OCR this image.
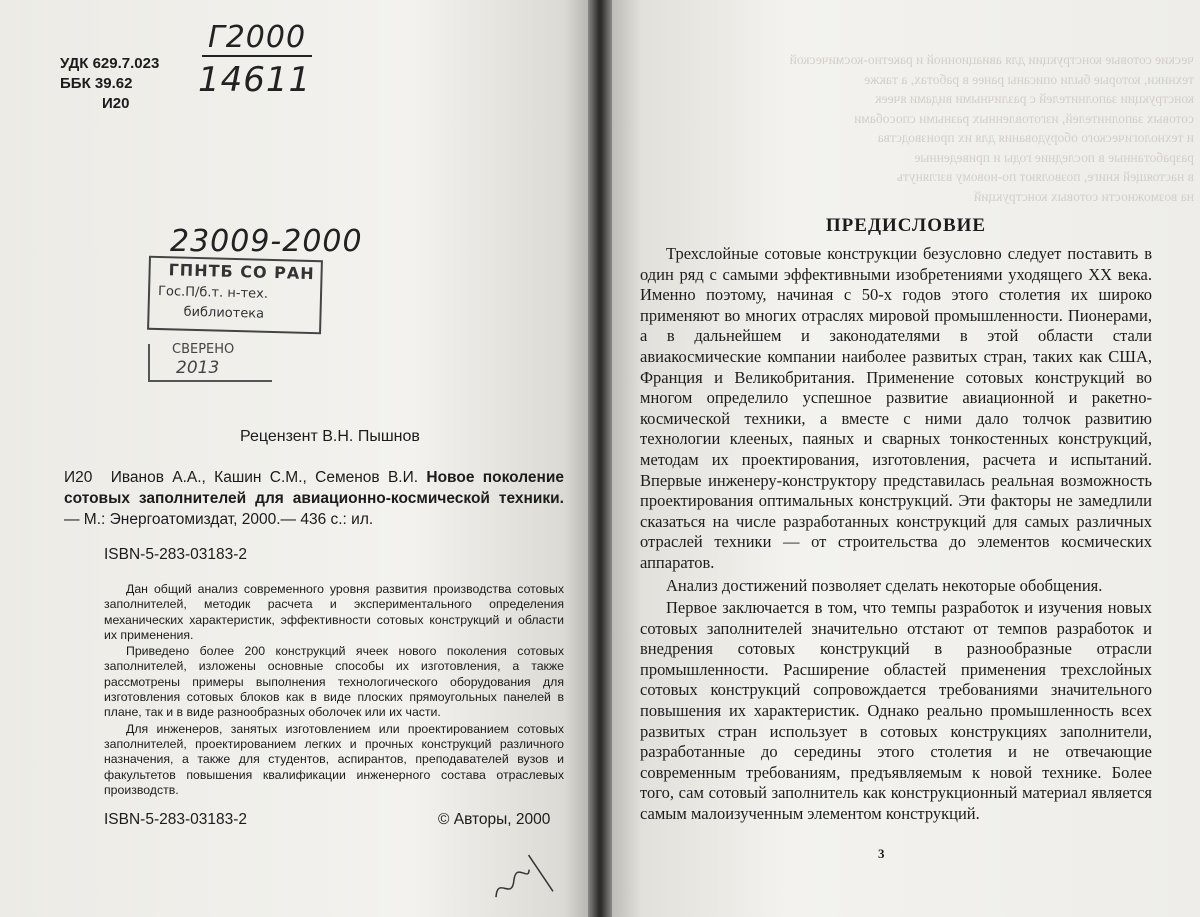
УДК 629.7.023
ББК 39.62
И20
Г2000
14611
23009-2000
ГПНТБ СО РАН
Гос.П/б.т. н-тех.
библиотека
СВЕРЕНО
2013
Рецензент В.Н. Пышнов
И20 Иванов А.А., Кашин С.М., Семенов В.И. Новое поколение сотовых заполнителей для авиационно-космической техники. — М.: Энергоатомиздат, 2000.— 436 с.: ил.
ISBN-5-283-03183-2

Дан общий анализ современного уровня развития производства сотовых заполнителей, методик расчета и экспериментального определения механических характеристик, эффективности сотовых конструкций и области их применения.

Приведено более 200 конструкций ячеек нового поколения сотовых заполнителей, изложены основные способы их изготовления, а также рассмотрены примеры выполнения технологического оборудования для изготовления сотовых блоков как в виде плоских прямоугольных панелей в плане, так и в виде разнообразных оболочек или их части.

Для инженеров, занятых изготовлением или проектированием сотовых заполнителей, проектированием легких и прочных конструкций различного назначения, а также для студентов, аспирантов, преподавателей вузов и факультетов повышения квалификации инженерного состава отраслевых производств.

ISBN-5-283-03183-2	© Авторы, 2000
ческие сотовые конструкции для авиационной и ракетно-космической
техники, которые были описаны ранее в работах, а также
конструкции заполнителей с различными видами ячеек
сотовых заполнителей, изготовленных разными способами
и технологического оборудования для их производства
разработанные в последние годы и приведенные
в настоящей книге, позволяют по-новому взглянуть
на возможности сотовых конструкций
ПРЕДИСЛОВИЕ

Трехслойные сотовые конструкции безусловно следует поставить в один ряд с самыми эффективными изобретениями уходящего XX века. Именно поэтому, начиная с 50-х годов этого столетия их широко применяют во многих отраслях мировой промышленности. Пионерами, а в дальнейшем и законодателями в этой области стали авиакосмические компании наиболее развитых стран, таких как США, Франция и Великобритания. Применение сотовых конструкций во многом определило успешное развитие авиационной и ракетно-космической техники, а вместе с ними дало толчок развитию технологии клееных, паяных и сварных тонкостенных конструкций, методам их проектирования, изготовления, расчета и испытаний. Впервые инженеру-конструктору представилась реальная возможность проектирования оптимальных конструкций. Эти факторы не замедлили сказаться на числе разработанных конструкций для самых различных отраслей техники — от строительства до элементов космических аппаратов.

Анализ достижений позволяет сделать некоторые обобщения.

Первое заключается в том, что темпы разработок и изучения новых сотовых заполнителей значительно отстают от темпов разработок и внедрения сотовых конструкций в разнообразные отрасли промышленности. Расширение областей применения трехслойных сотовых конструкций сопровождается требованиями значительного повышения их характеристик. Однако реально промышленность всех развитых стран использует в сотовых конструкциях заполнители, разработанные до середины этого столетия и не отвечающие современным требованиям, предъявляемым к новой технике. Более того, сам сотовый заполнитель как конструкционный материал является самым малоизученным элементом конструкций.

3
